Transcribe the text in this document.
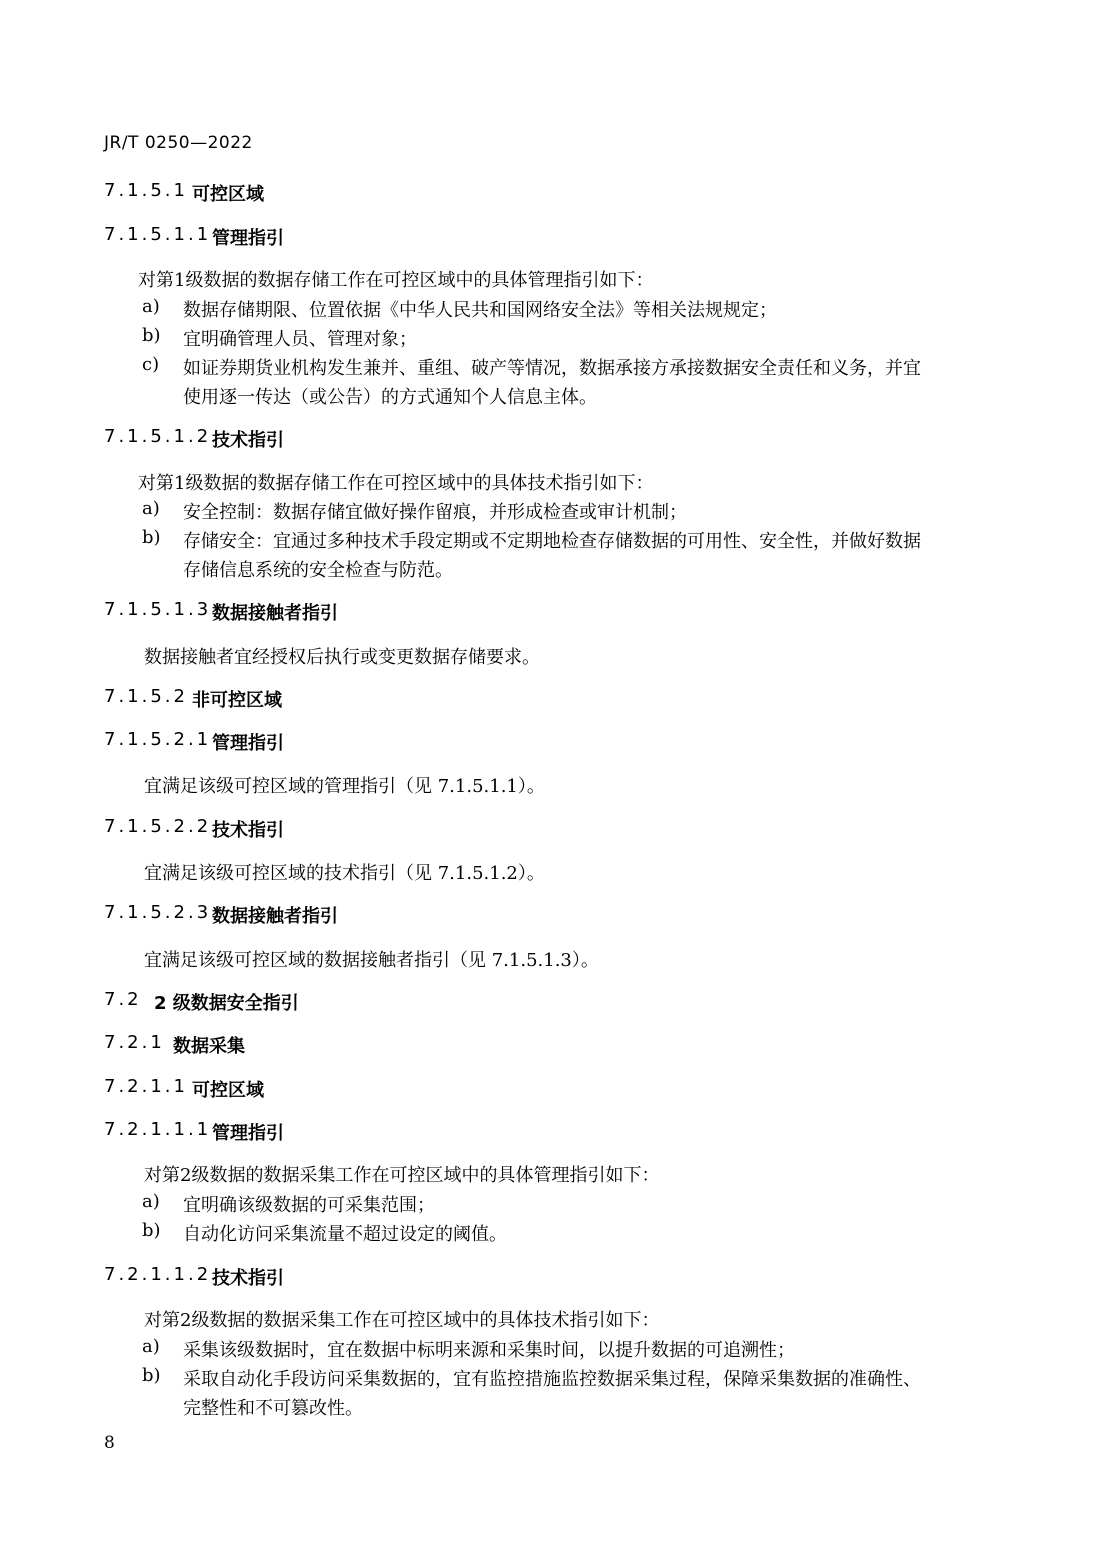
JR/T 0250—2022
7.1.5.1 可控区域
7.1.5.1.1 管理指引
对第1级数据的数据存储工作在可控区域中的具体管理指引如下：
a) 数据存储期限、位置依据《中华人民共和国网络安全法》等相关法规规定；
b) 宜明确管理人员、管理对象；
c) 如证券期货业机构发生兼并、重组、破产等情况，数据承接方承接数据安全责任和义务，并宜
使用逐一传达（或公告）的方式通知个人信息主体。
7.1.5.1.2 技术指引
对第1级数据的数据存储工作在可控区域中的具体技术指引如下：
a) 安全控制：数据存储宜做好操作留痕，并形成检查或审计机制；
b) 存储安全：宜通过多种技术手段定期或不定期地检查存储数据的可用性、安全性，并做好数据
存储信息系统的安全检查与防范。
7.1.5.1.3 数据接触者指引
数据接触者宜经授权后执行或变更数据存储要求。
7.1.5.2 非可控区域
7.1.5.2.1 管理指引
宜满足该级可控区域的管理指引（见 7.1.5.1.1）。
7.1.5.2.2 技术指引
宜满足该级可控区域的技术指引（见 7.1.5.1.2）。
7.1.5.2.3 数据接触者指引
宜满足该级可控区域的数据接触者指引（见 7.1.5.1.3）。
7.2 2 级数据安全指引
7.2.1 数据采集
7.2.1.1 可控区域
7.2.1.1.1 管理指引
对第2级数据的数据采集工作在可控区域中的具体管理指引如下：
a) 宜明确该级数据的可采集范围；
b) 自动化访问采集流量不超过设定的阈值。
7.2.1.1.2 技术指引
对第2级数据的数据采集工作在可控区域中的具体技术指引如下：
a) 采集该级数据时，宜在数据中标明来源和采集时间，以提升数据的可追溯性；
b) 采取自动化手段访问采集数据的，宜有监控措施监控数据采集过程，保障采集数据的准确性、
完整性和不可篡改性。
8
